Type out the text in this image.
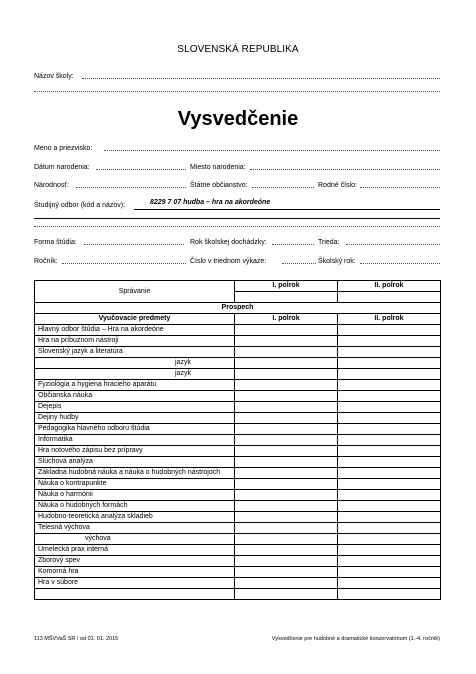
SLOVENSKÁ REPUBLIKA
Názov školy:
Vysvedčenie
Meno a priezvisko:
Dátum narodenia:	Miesto narodenia:
Národnosť:	Štátne občianstvo:	Rodné číslo:
Študijný odbor (kód a názov):	8229 7 07 hudba – hra na akordeóne
Forma štúdia:	Rok školskej dochádzky:	Trieda:
Ročník:	Číslo v triednom výkaze:	Školský rok:
Správanie	I. polrok	II. polrok

Prospech		
Vyučovacie predmety	I. polrok	II. polrok
Hlavný odbor štúdia – Hra na akordeóne		
Hra na príbuznom nástroji		
Slovenský jazyk a literatúra		
jazyk		
jazyk		
Fyziológia a hygiena hracieho aparátu		
Občianska náuka		
Dejepis		
Dejiny hudby		
Pedagogika hlavného odboru štúdia		
Informatika		
Hra notového zápisu bez prípravy		
Sluchová analýza		
Základná hudobná náuka a náuka o hudobných nástrojoch		
Náuka o kontrapunkte		
Náuka o harmónii		
Náuka o hudobných formách		
Hudobno-teoretická analýza skladieb		
Telesná výchova		
výchova		
Umelecká prax interná		
Zborový spev		
Komorná hra		
Hra v súbore		

113 MŠVVaŠ SR / od 01. 01. 2015	Vysvedčenie pre hudobné a dramatické konzervatórium (1.-4. ročník)
